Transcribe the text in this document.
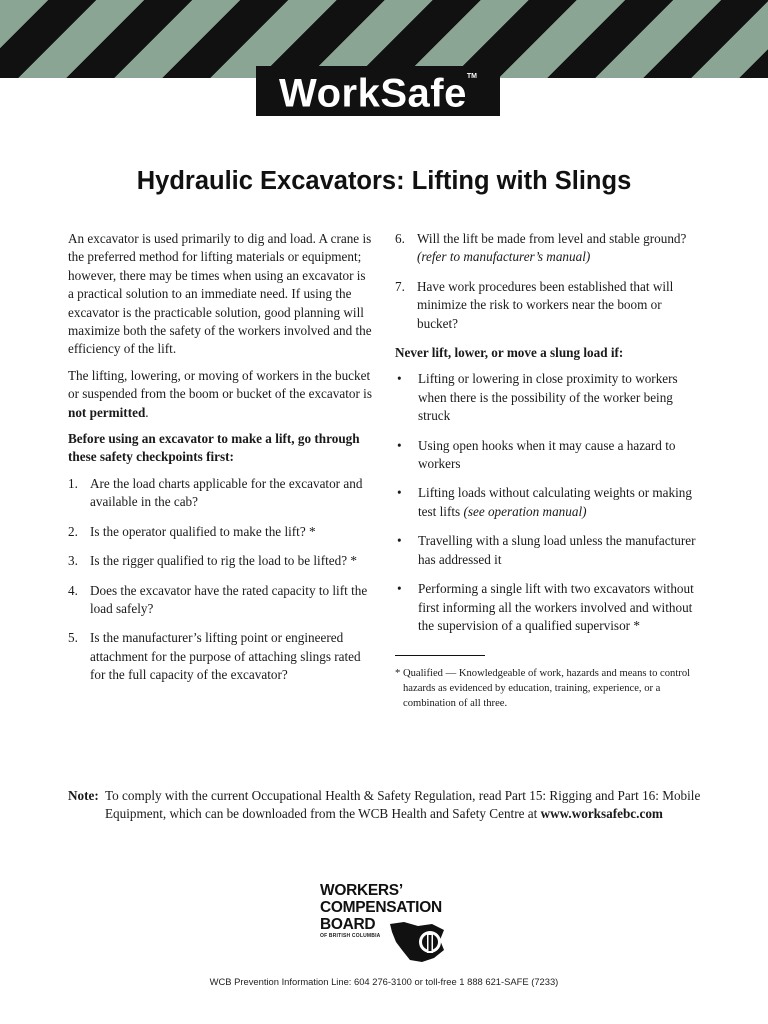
WorkSafe™
Hydraulic Excavators: Lifting with Slings

An excavator is used primarily to dig and load. A crane is the preferred method for lifting materials or equipment; however, there may be times when using an excavator is a practical solution to an immediate need. If using the excavator is the practicable solution, good planning will maximize both the safety of the workers involved and the efficiency of the lift.

The lifting, lowering, or moving of workers in the bucket or suspended from the boom or bucket of the excavator is not permitted.

Before using an excavator to make a lift, go through these safety checkpoints first:

1. Are the load charts applicable for the excavator and available in the cab?
2. Is the operator qualified to make the lift? *
3. Is the rigger qualified to rig the load to be lifted? *
4. Does the excavator have the rated capacity to lift the load safely?
5. Is the manufacturer’s lifting point or engineered attachment for the purpose of attaching slings rated for the full capacity of the excavator?
6. Will the lift be made from level and stable ground? (refer to manufacturer’s manual)
7. Have work procedures been established that will minimize the risk to workers near the boom or bucket?

Never lift, lower, or move a slung load if:

• Lifting or lowering in close proximity to workers when there is the possibility of the worker being struck
• Using open hooks when it may cause a hazard to workers
• Lifting loads without calculating weights or making test lifts (see operation manual)
• Travelling with a slung load unless the manufacturer has addressed it
• Performing a single lift with two excavators without first informing all the workers involved and without the supervision of a qualified supervisor *
* Qualified — Knowledgeable of work, hazards and means to control hazards as evidenced by education, training, experience, or a combination of all three.
Note: To comply with the current Occupational Health & Safety Regulation, read Part 15: Rigging and Part 16: Mobile Equipment, which can be downloaded from the WCB Health and Safety Centre at www.worksafebc.com
WORKERS’
COMPENSATION
BOARD
OF BRITISH COLUMBIA
WCB Prevention Information Line: 604 276-3100 or toll-free 1 888 621-SAFE (7233)
